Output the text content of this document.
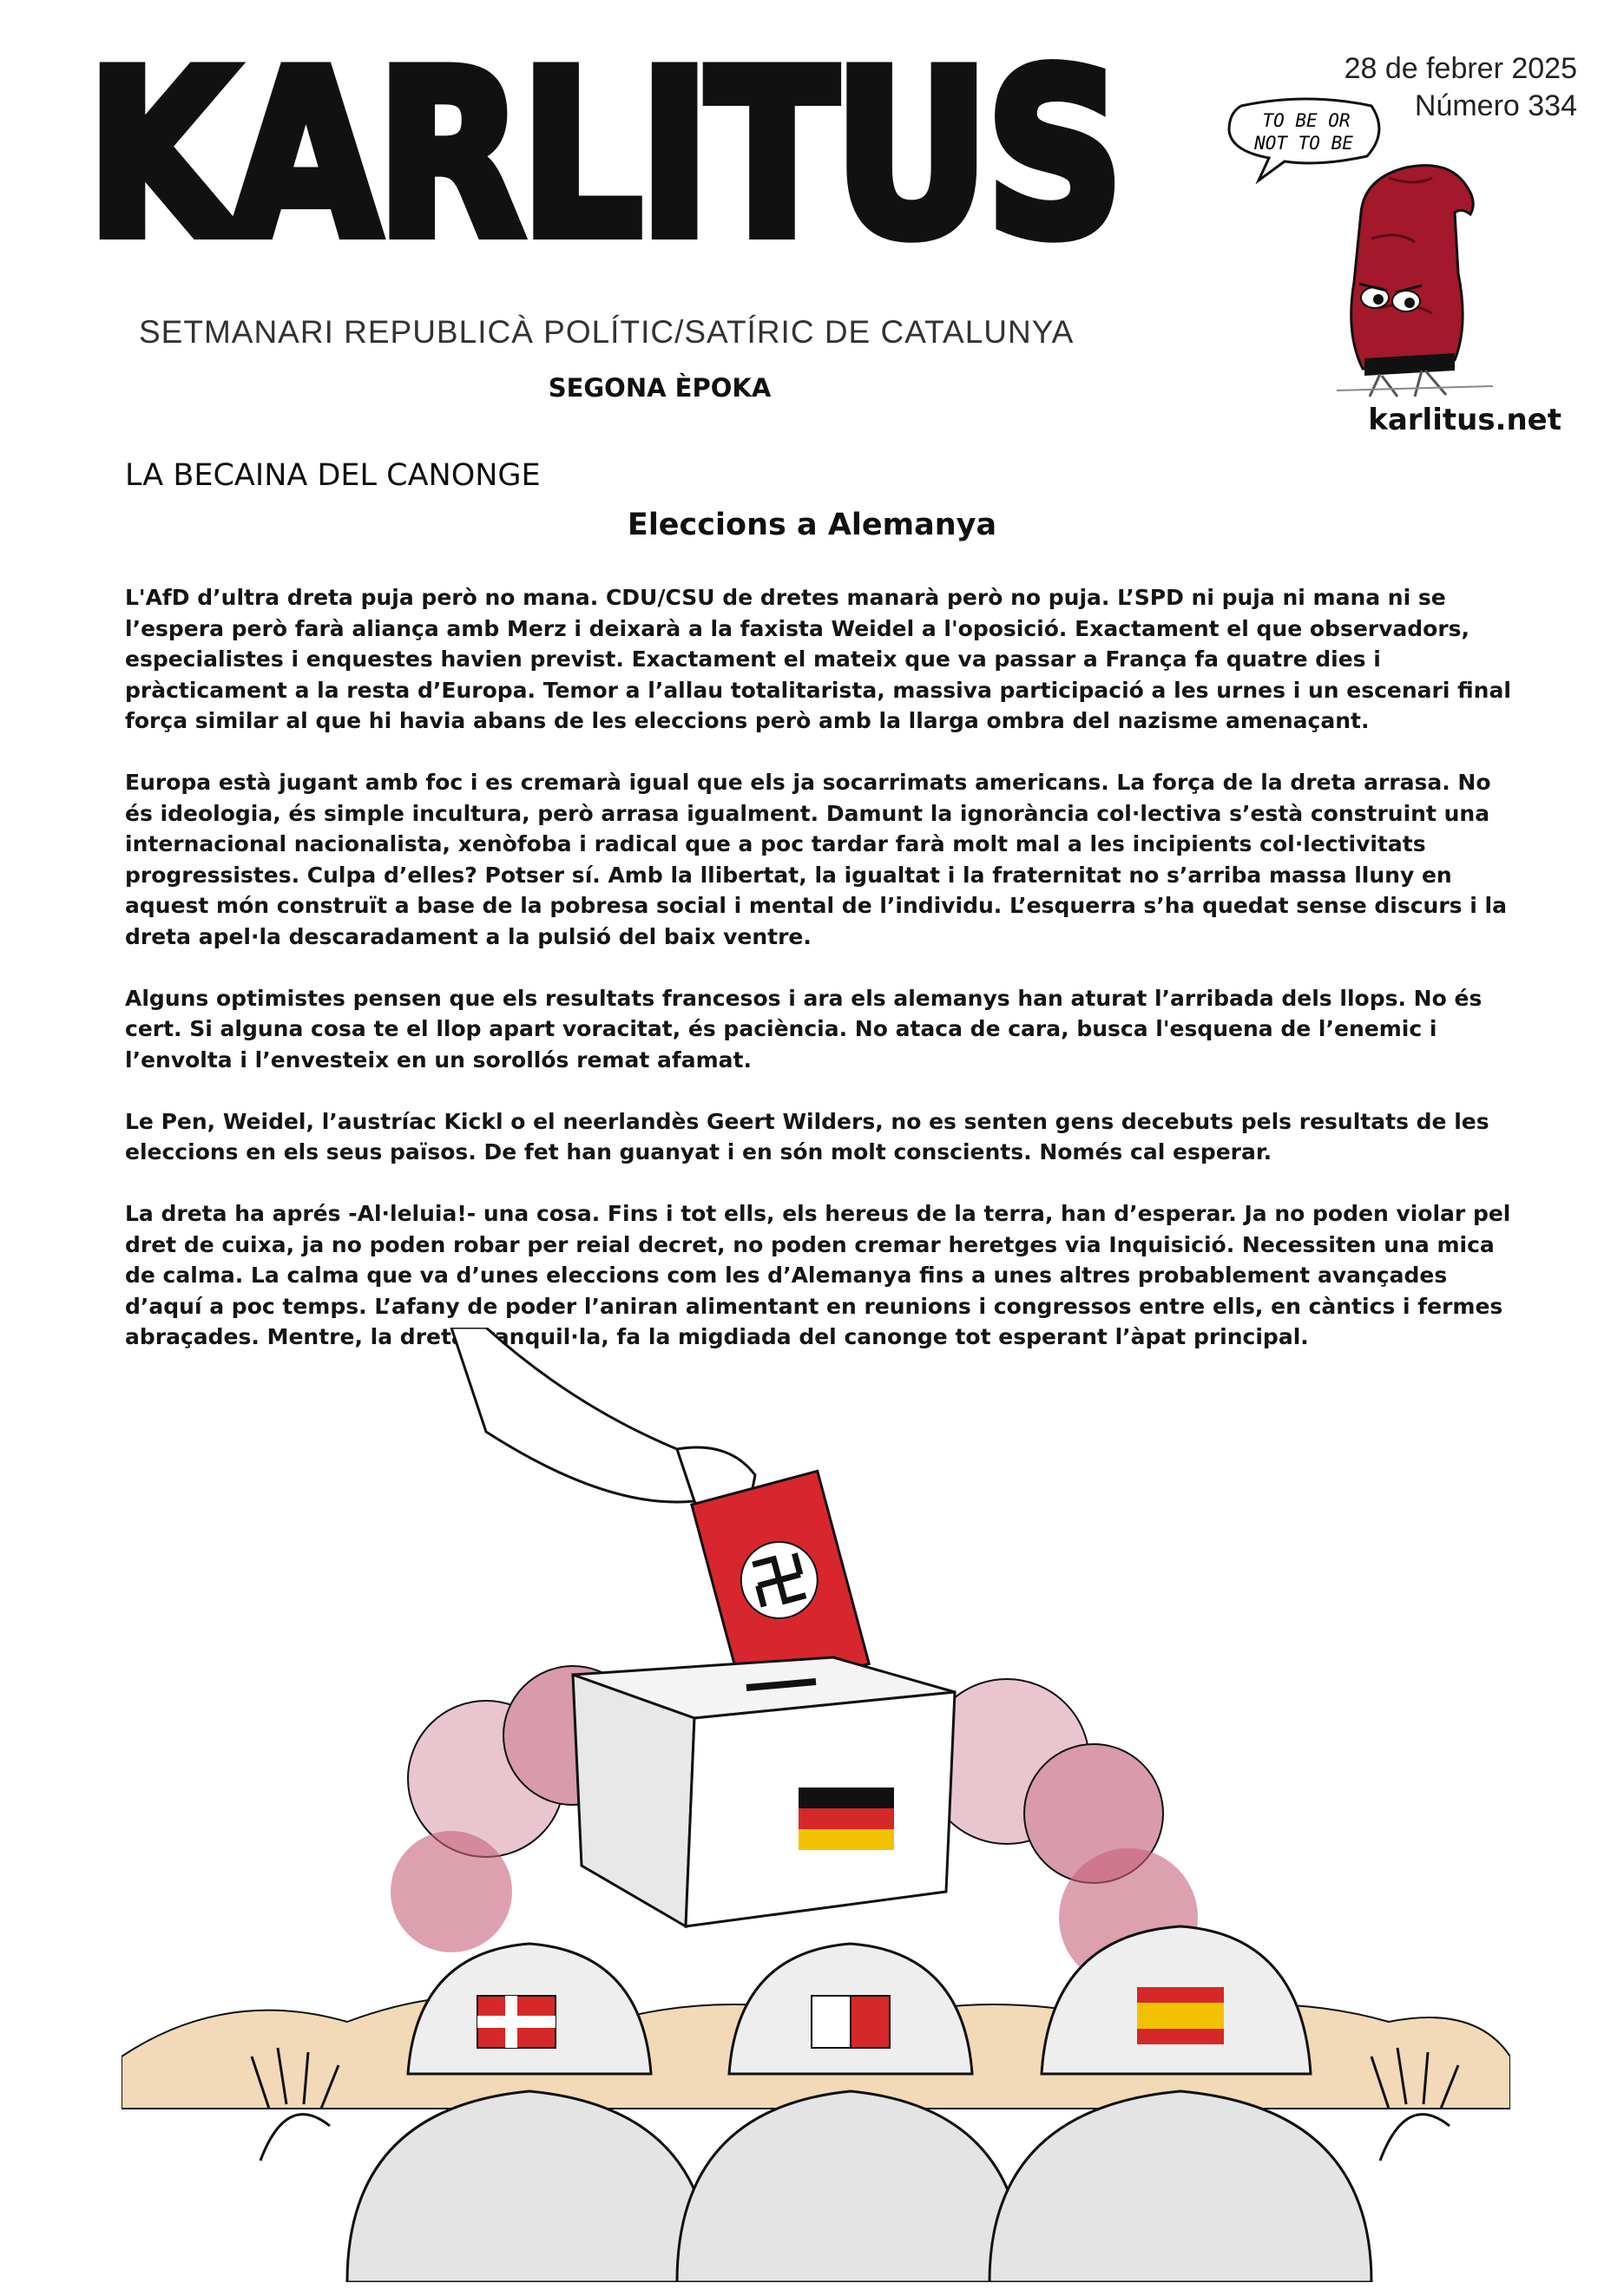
KARLITUS
SETMANARI REPUBLICÀ POLÍTIC/SATÍRIC DE CATALUNYA
SEGONA ÈPOKA
28 de febrer 2025
Número 334
TO BE OR
NOT TO BE
karlitus.net
LA BECAINA DEL CANONGE
Eleccions a Alemanya

L'AfD d’ultra dreta puja però no mana. CDU/CSU de dretes manarà però no puja. L’SPD ni puja ni mana ni se l’espera però farà aliança amb Merz i deixarà a la faxista Weidel a l'oposició. Exactament el que observadors, especialistes i enquestes havien previst. Exactament el mateix que va passar a França fa quatre dies i pràcticament a la resta d’Europa. Temor a l’allau totalitarista, massiva participació a les urnes i un escenari final força similar al que hi havia abans de les eleccions però amb la llarga ombra del nazisme amenaçant.

Europa està jugant amb foc i es cremarà igual que els ja socarrimats americans. La força de la dreta arrasa. No és ideologia, és simple incultura, però arrasa igualment. Damunt la ignorància col·lectiva s’està construint una internacional nacionalista, xenòfoba i radical que a poc tardar farà molt mal a les incipients col·lectivitats progressistes. Culpa d’elles? Potser sí. Amb la llibertat, la igualtat i la fraternitat no s’arriba massa lluny en aquest món construït a base de la pobresa social i mental de l’individu. L’esquerra s’ha quedat sense discurs i la dreta apel·la descaradament a la pulsió del baix ventre.

Alguns optimistes pensen que els resultats francesos i ara els alemanys han aturat l’arribada dels llops. No és cert. Si alguna cosa te el llop apart voracitat, és paciència. No ataca de cara, busca l'esquena de l’enemic i l’envolta i l’envesteix en un sorollós remat afamat.

Le Pen, Weidel, l’austríac Kickl o el neerlandès Geert Wilders, no es senten gens decebuts pels resultats de les eleccions en els seus països. De fet han guanyat i en són molt conscients. Només cal esperar.

La dreta ha aprés -Al·leluia!- una cosa. Fins i tot ells, els hereus de la terra, han d’esperar. Ja no poden violar pel dret de cuixa, ja no poden robar per reial decret, no poden cremar heretges via Inquisició. Necessiten una mica de calma. La calma que va d’unes eleccions com les d’Alemanya fins a unes altres probablement avançades d’aquí a poc temps. L’afany de poder l’aniran alimentant en reunions i congressos entre ells, en càntics i fermes abraçades. Mentre, la dreta tranquil·la, fa la migdiada del canonge tot esperant l’àpat principal.
